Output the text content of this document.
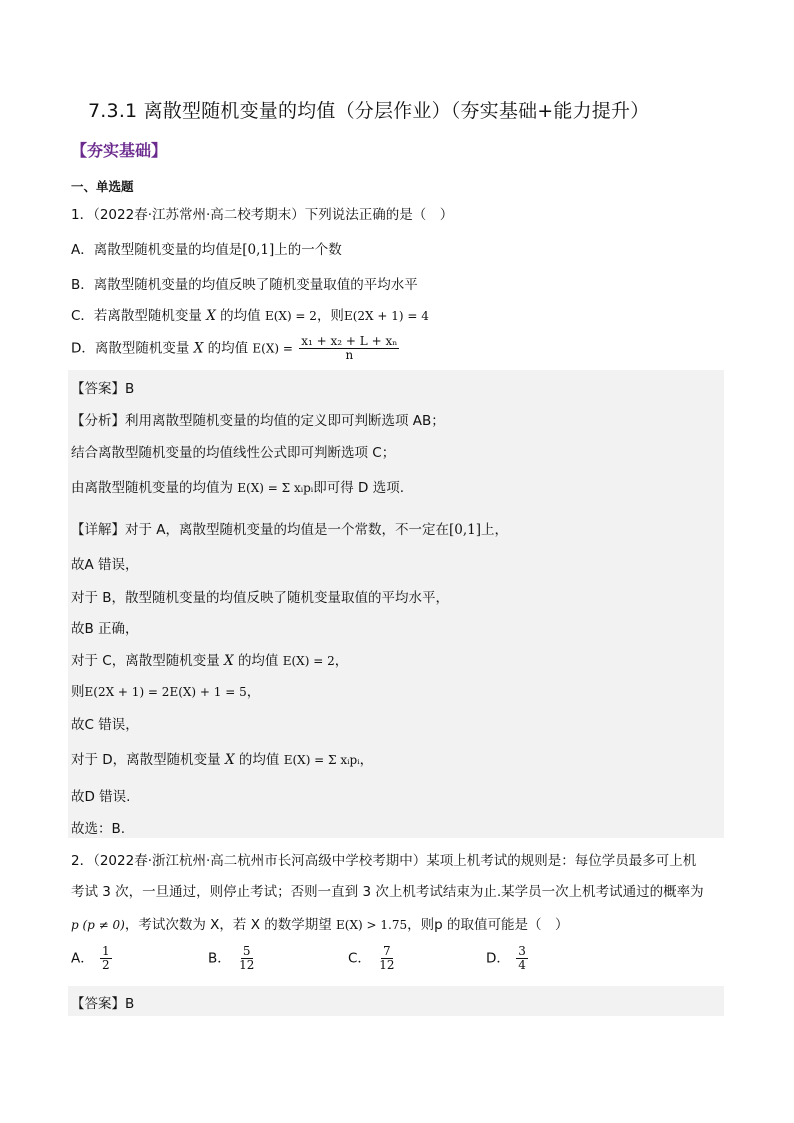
7.3.1 离散型随机变量的均值（分层作业）（夯实基础+能力提升）
【夯实基础】
一、单选题
1．（2022春·江苏常州·高二校考期末）下列说法正确的是（　）
A．离散型随机变量的均值是[0,1]上的一个数
B．离散型随机变量的均值反映了随机变量取值的平均水平
C．若离散型随机变量 X 的均值 E(X) = 2，则E(2X + 1) = 4
D．离散型随机变量 X 的均值 $E(X) = \frac{\text{x₁ + x₂ + L + xₙ}}{n}$
【答案】B
【分析】利用离散型随机变量的均值的定义即可判断选项 AB；
结合离散型随机变量的均值线性公式即可判断选项 C；
由离散型随机变量的均值为 E(X) = Σ xᵢpᵢ即可得 D 选项.
【详解】对于 A，离散型随机变量的均值是一个常数，不一定在[0,1]上，
故A 错误，
对于 B，散型随机变量的均值反映了随机变量取值的平均水平，
故B 正确，
对于 C，离散型随机变量 X 的均值 E(X) = 2，
则E(2X + 1) = 2E(X) + 1 = 5，
故C 错误，
对于 D，离散型随机变量 X 的均值 E(X) = Σ xᵢpᵢ，
故D 错误.
故选：B.
2．（2022春·浙江杭州·高二杭州市长河高级中学校考期中）某项上机考试的规则是：每位学员最多可上机
考试 3 次，一旦通过，则停止考试；否则一直到 3 次上机考试结束为止.某学员一次上机考试通过的概率为
p (p ≠ 0)，考试次数为 X，若 X 的数学期望 E(X) > 1.75，则p 的取值可能是（　）
A． $\frac{1}{2}$	B． $\frac{5}{12}$	C． $\frac{7}{12}$	D． $\frac{3}{4}$
【答案】B
